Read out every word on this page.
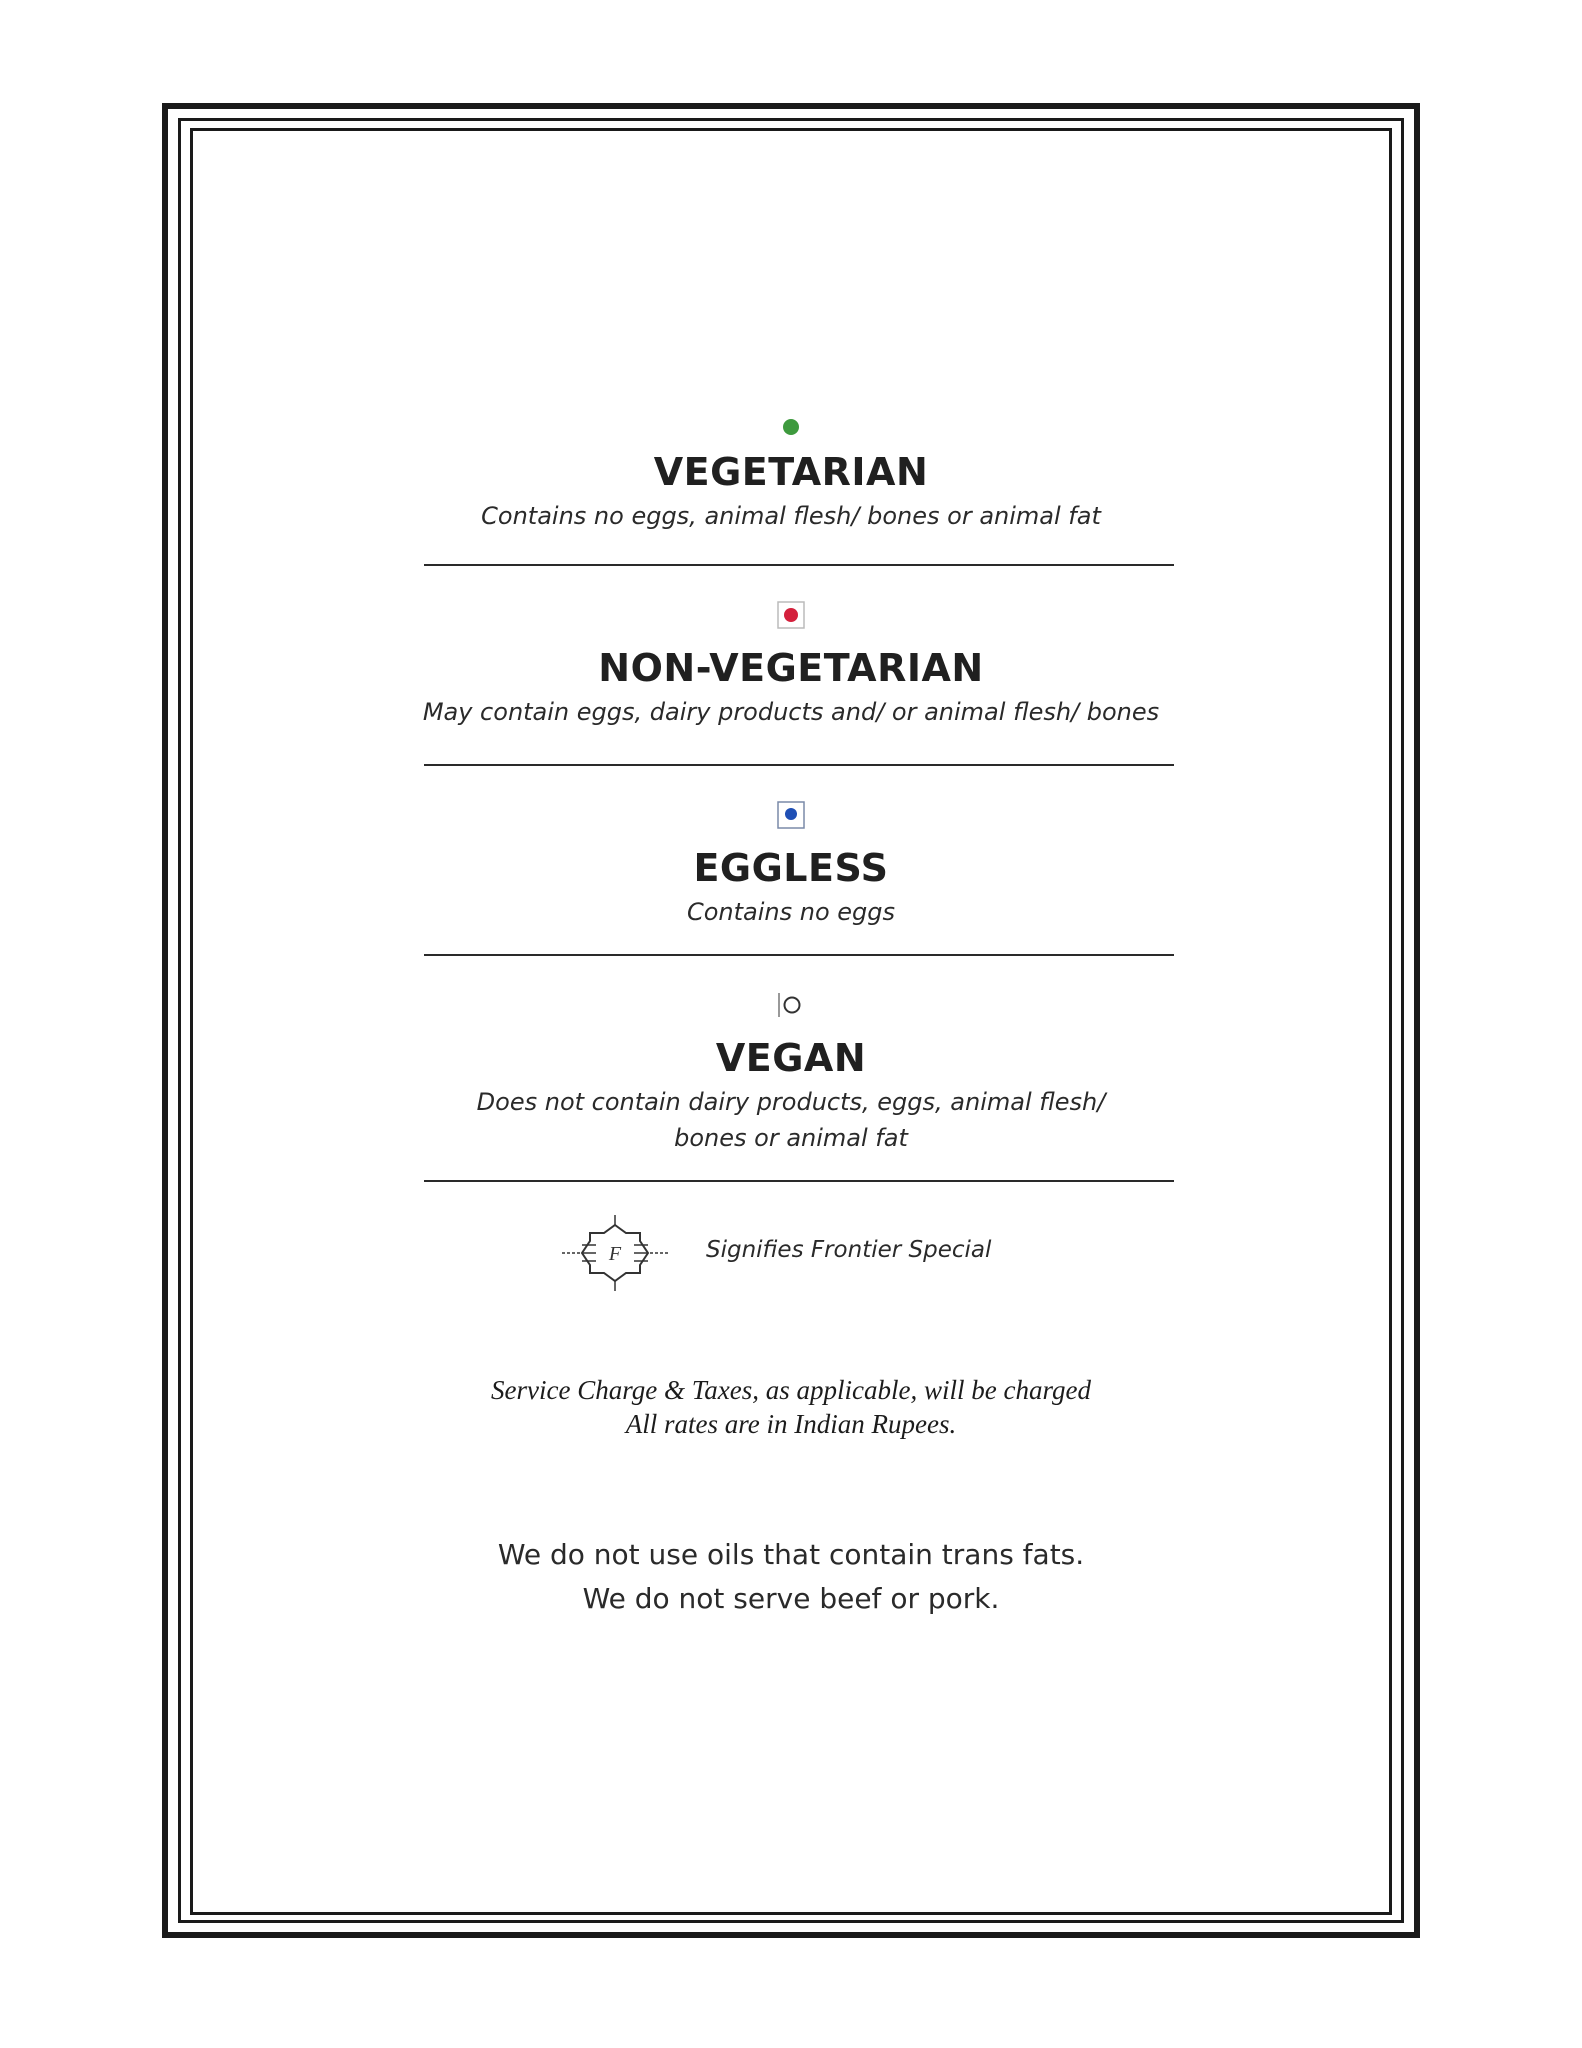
VEGETARIAN
Contains no eggs, animal flesh/ bones or animal fat
NON-VEGETARIAN
May contain eggs, dairy products and/ or animal flesh/ bones
EGGLESS
Contains no eggs
VEGAN
Does not contain dairy products, eggs, animal flesh/
bones or animal fat
F	Signifies Frontier Special
Service Charge & Taxes, as applicable, will be charged
All rates are in Indian Rupees.
We do not use oils that contain trans fats.
We do not serve beef or pork.
